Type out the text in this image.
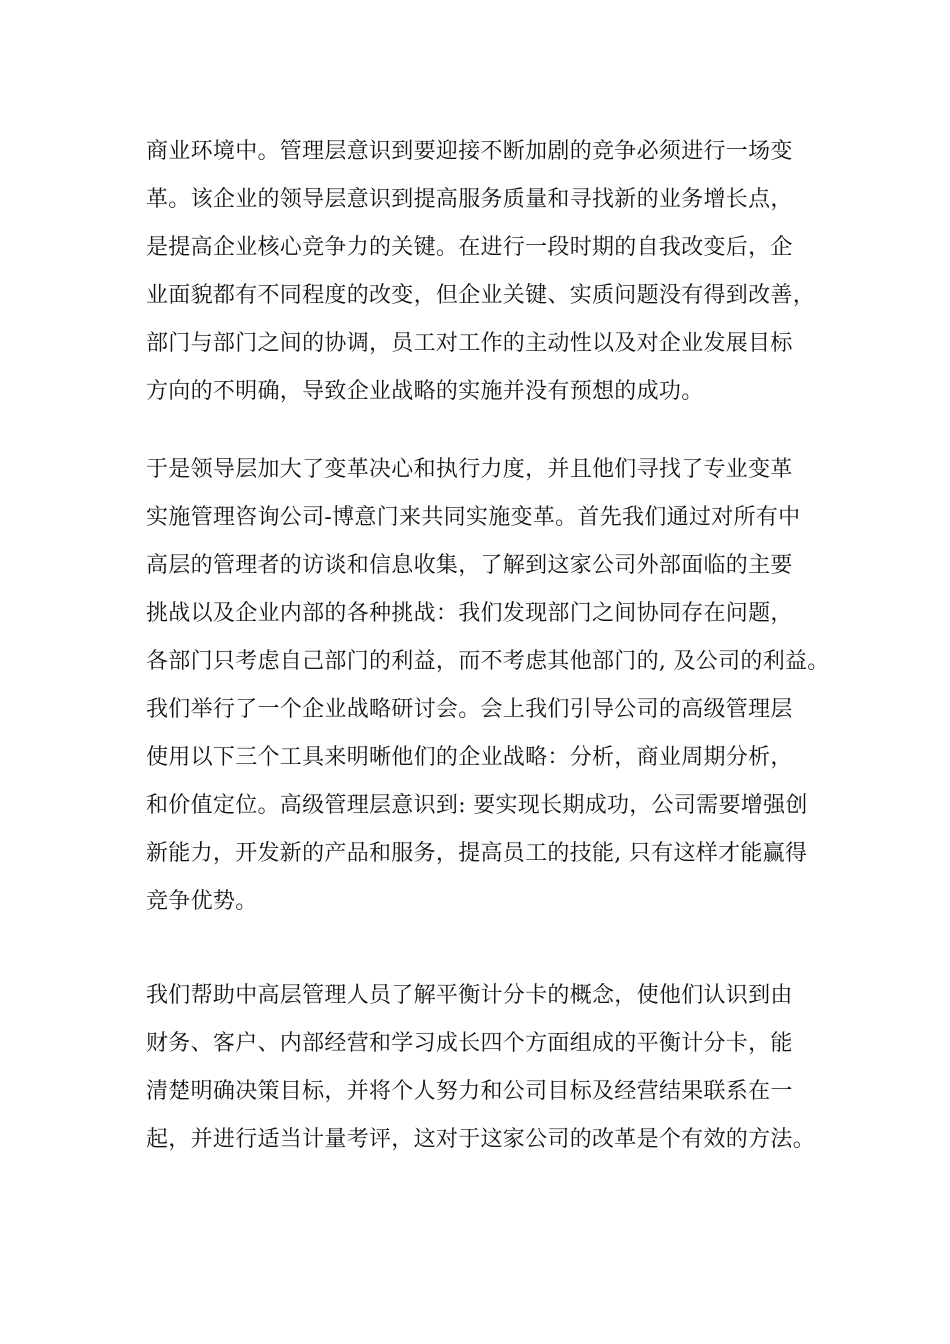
商业环境中。管理层意识到要迎接不断加剧的竞争必须进行一场变
革。该企业的领导层意识到提高服务质量和寻找新的业务增长点，
是提高企业核心竞争力的关键。在进行一段时期的自我改变后，企
业面貌都有不同程度的改变，但企业关键、实质问题没有得到改善，
部门与部门之间的协调，员工对工作的主动性以及对企业发展目标
方向的不明确，导致企业战略的实施并没有预想的成功。
于是领导层加大了变革决心和执行力度，并且他们寻找了专业变革
实施管理咨询公司-博意门来共同实施变革。首先我们通过对所有中
高层的管理者的访谈和信息收集，了解到这家公司外部面临的主要
挑战以及企业内部的各种挑战：我们发现部门之间协同存在问题，
各部门只考虑自己部门的利益，而不考虑其他部门的, 及公司的利益。
我们举行了一个企业战略研讨会。会上我们引导公司的高级管理层
使用以下三个工具来明晰他们的企业战略：分析，商业周期分析，
和价值定位。高级管理层意识到: 要实现长期成功，公司需要增强创
新能力，开发新的产品和服务，提高员工的技能, 只有这样才能赢得
竞争优势。
我们帮助中高层管理人员了解平衡计分卡的概念，使他们认识到由
财务、客户、内部经营和学习成长四个方面组成的平衡计分卡，能
清楚明确决策目标，并将个人努力和公司目标及经营结果联系在一
起，并进行适当计量考评，这对于这家公司的改革是个有效的方法。
